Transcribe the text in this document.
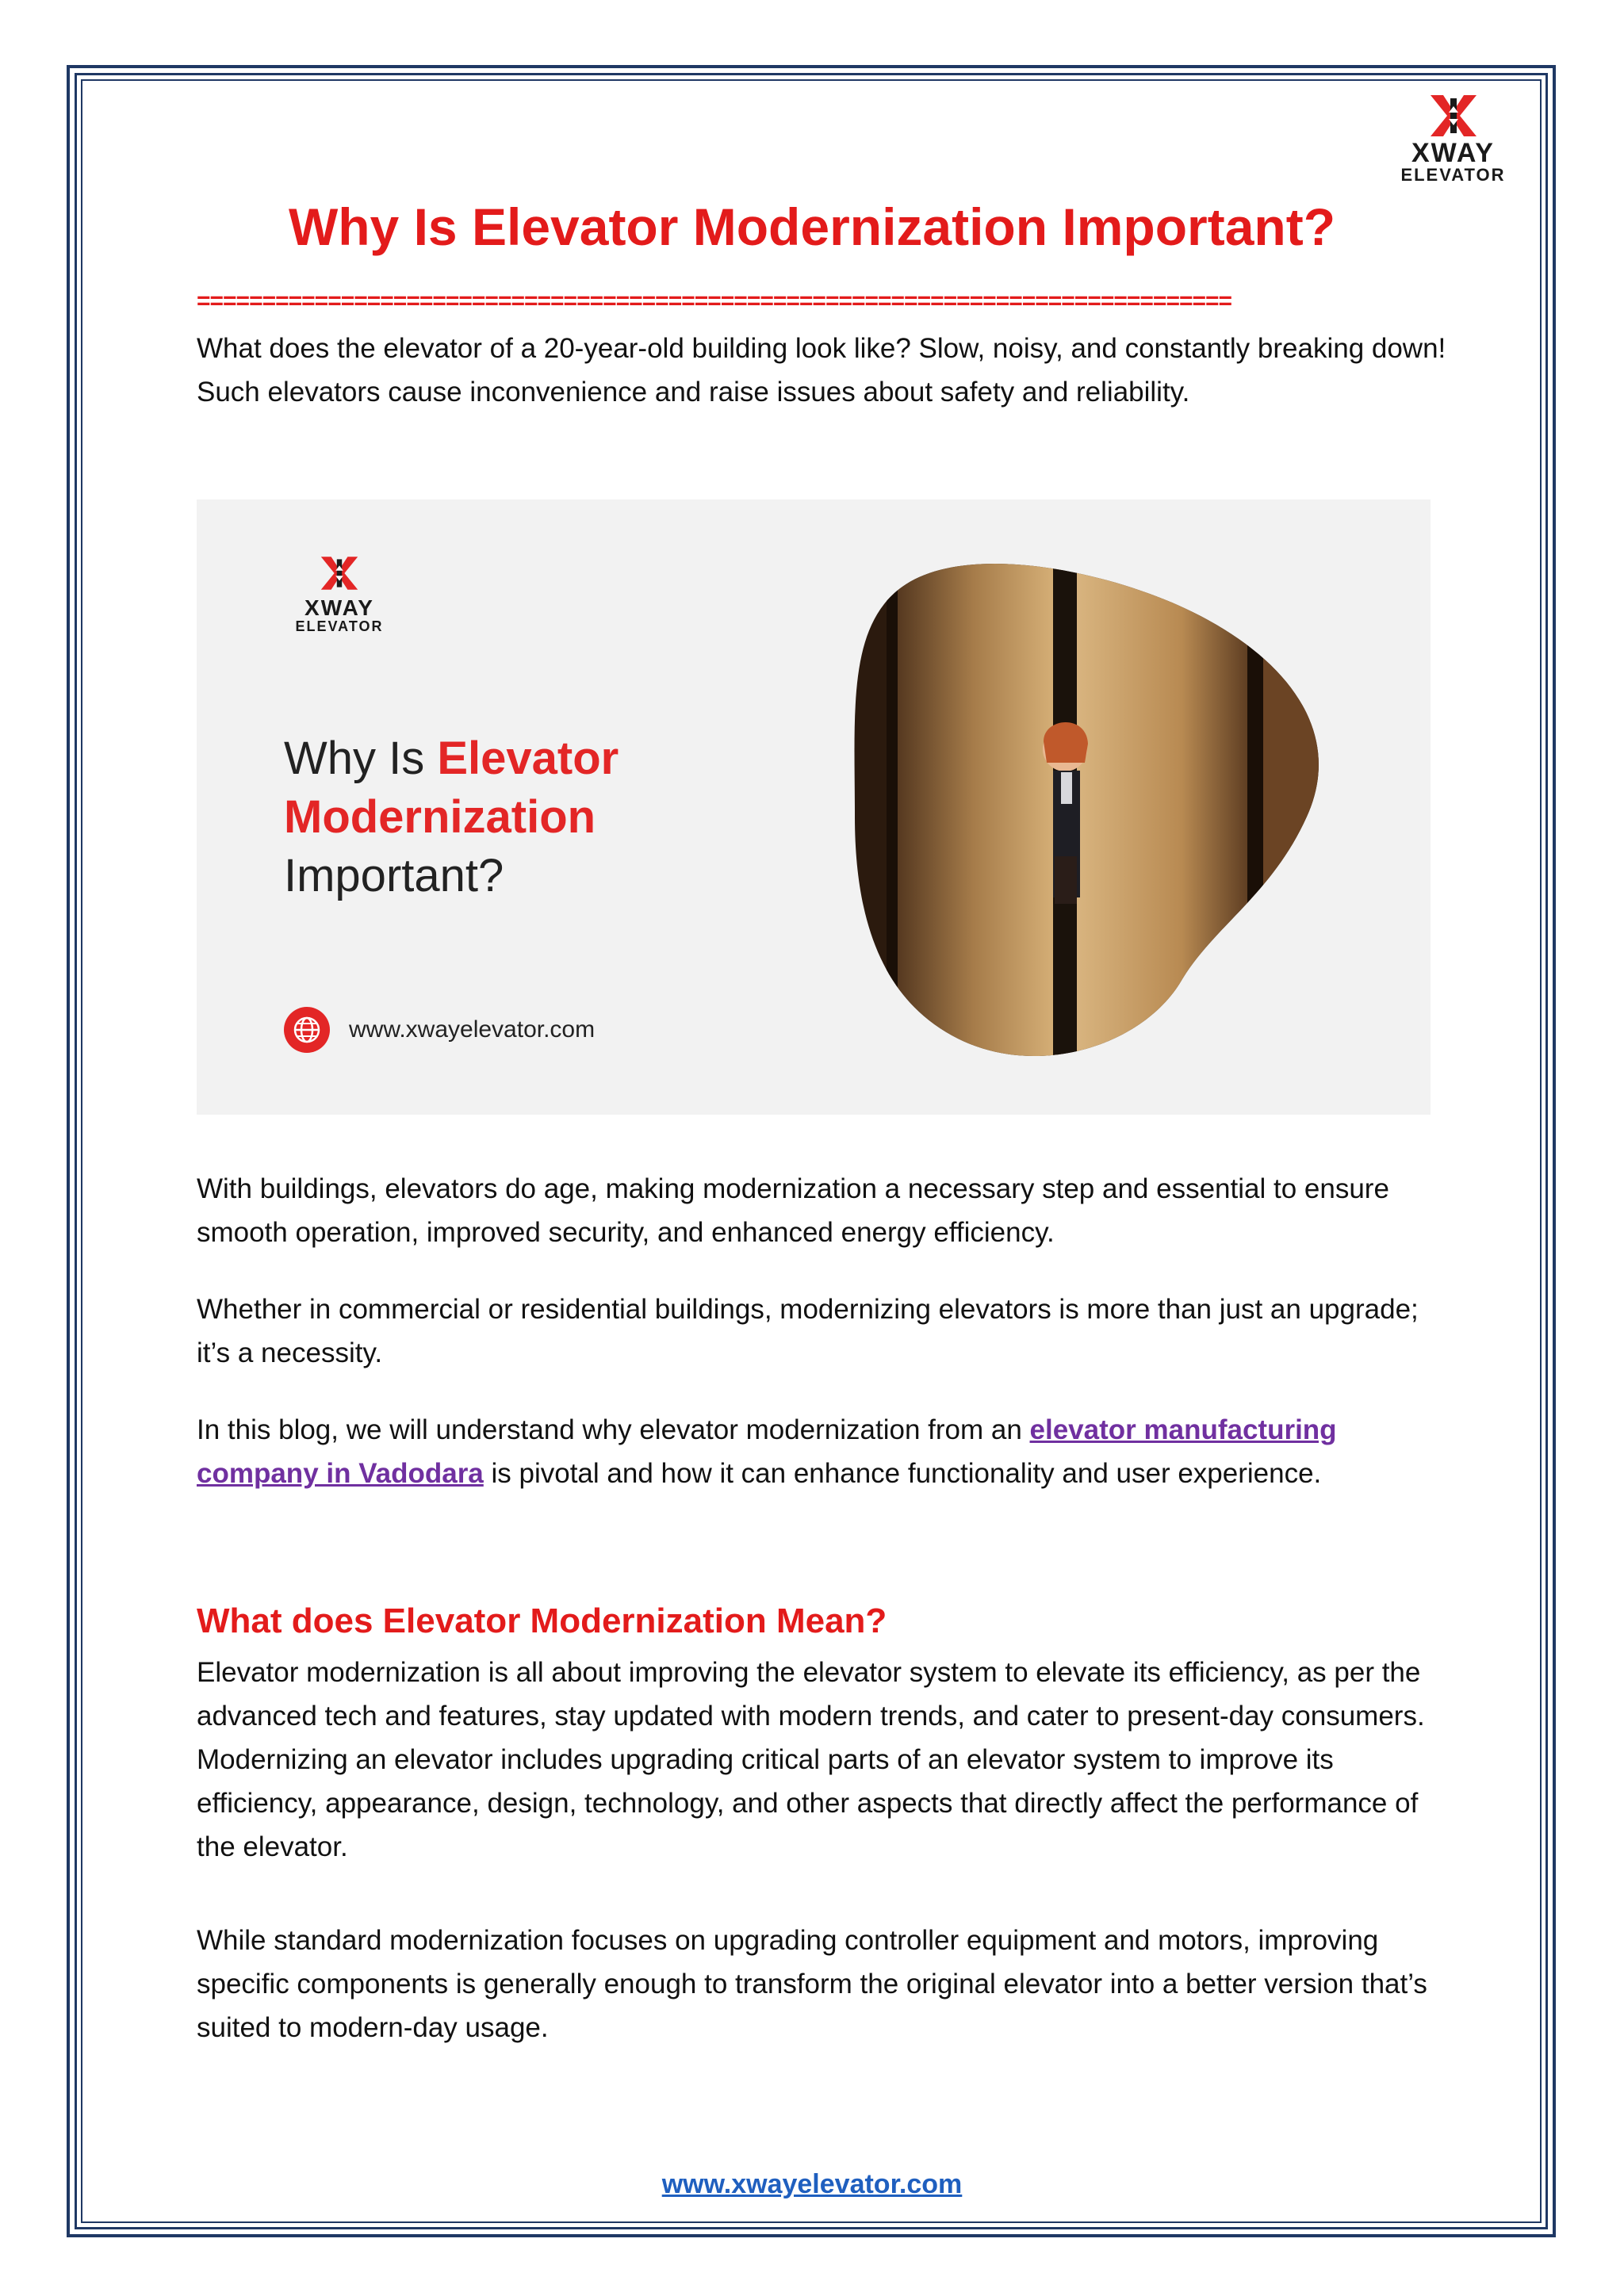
XWAY
ELEVATOR
Why Is Elevator Modernization Important?
===============================================================================

What does the elevator of a 20-year-old building look like? Slow, noisy, and constantly breaking down! Such elevators cause inconvenience and raise issues about safety and reliability.

XWAY
ELEVATOR
Why Is Elevator
Modernization
Important?
www.xwayelevator.com

With buildings, elevators do age, making modernization a necessary step and essential to ensure smooth operation, improved security, and enhanced energy efficiency.

Whether in commercial or residential buildings, modernizing elevators is more than just an upgrade; it’s a necessity.

In this blog, we will understand why elevator modernization from an elevator manufacturing company in Vadodara is pivotal and how it can enhance functionality and user experience.

What does Elevator Modernization Mean?

Elevator modernization is all about improving the elevator system to elevate its efficiency, as per the advanced tech and features, stay updated with modern trends, and cater to present-day consumers. Modernizing an elevator includes upgrading critical parts of an elevator system to improve its efficiency, appearance, design, technology, and other aspects that directly affect the performance of the elevator.

While standard modernization focuses on upgrading controller equipment and motors, improving specific components is generally enough to transform the original elevator into a better version that’s suited to modern-day usage.

www.xwayelevator.com
